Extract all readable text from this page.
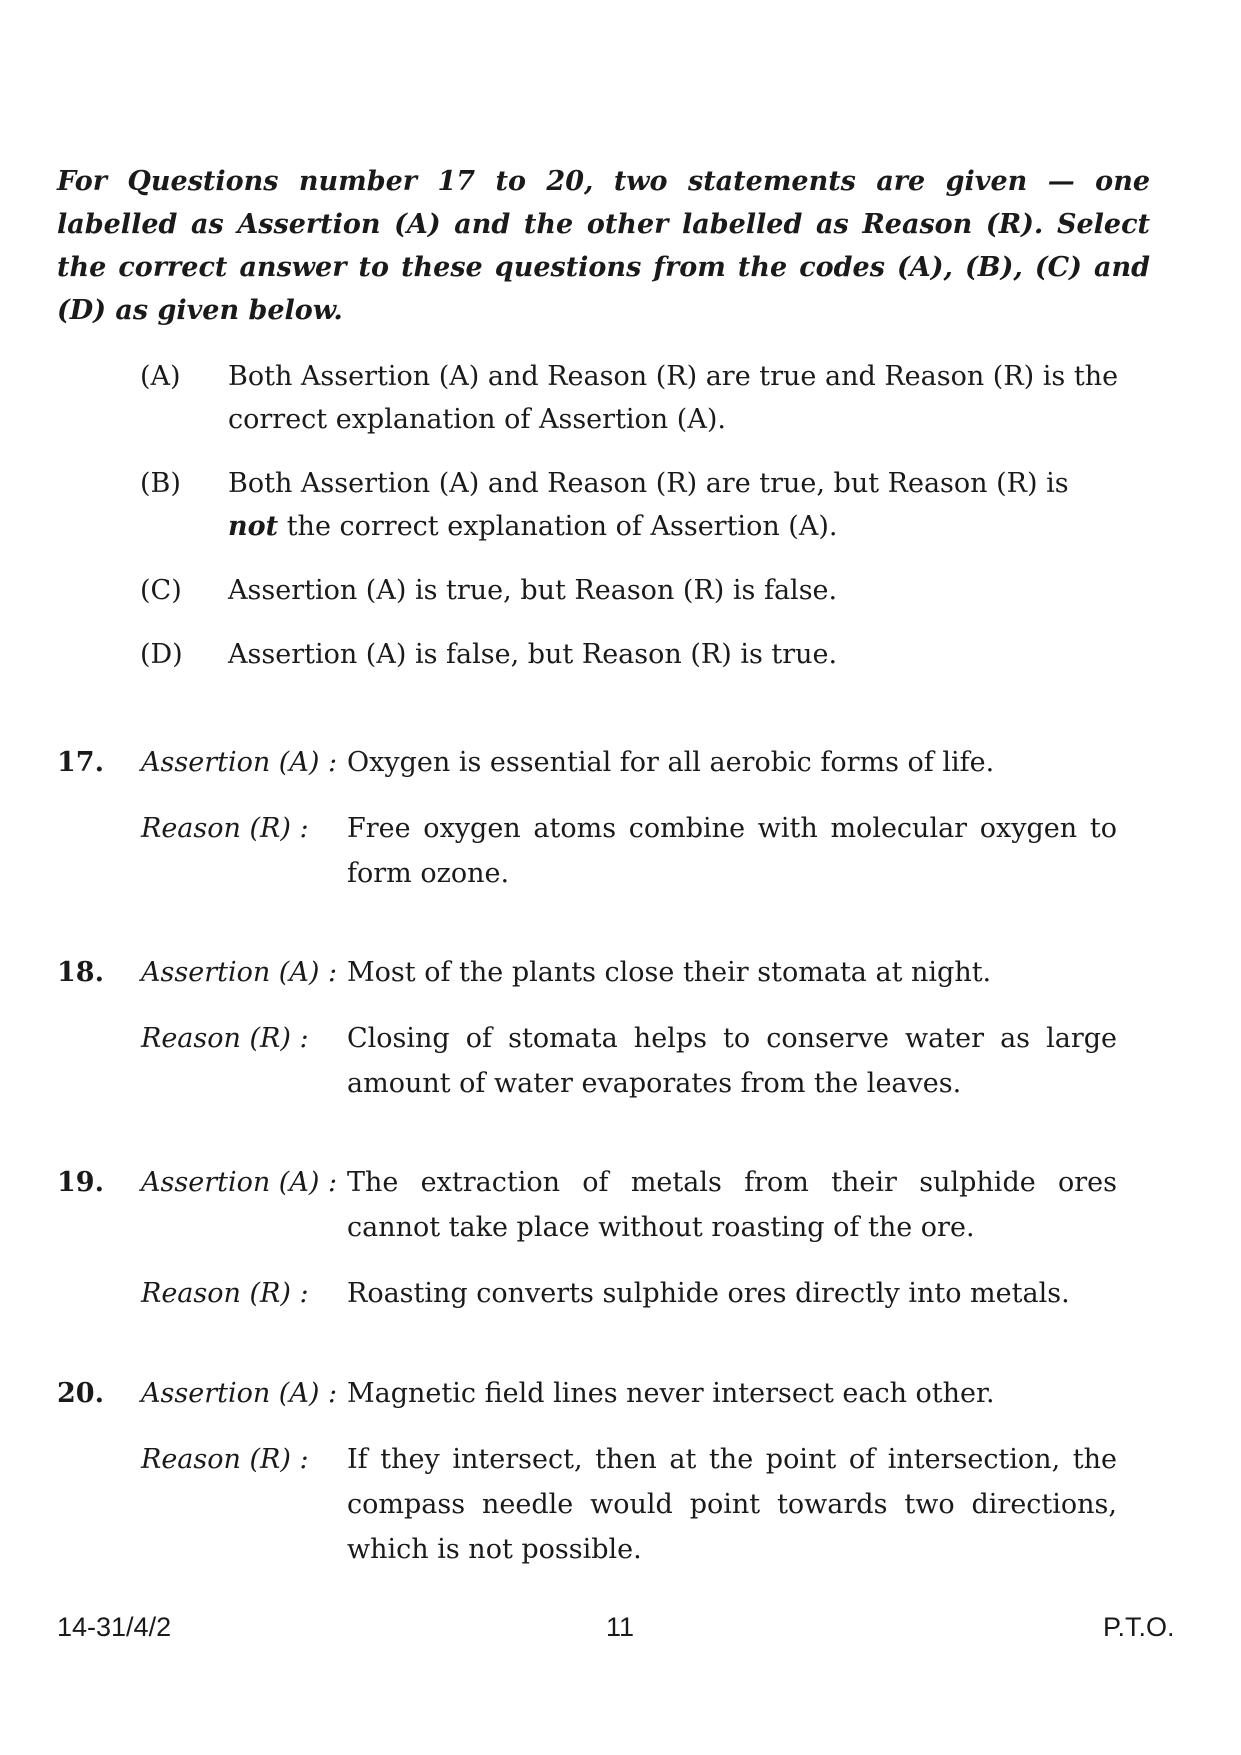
For Questions number 17 to 20, two statements are given — one labelled as Assertion (A) and the other labelled as Reason (R). Select the correct answer to these questions from the codes (A), (B), (C) and (D) as given below.
(A) Both Assertion (A) and Reason (R) are true and Reason (R) is the correct explanation of Assertion (A).
(B) Both Assertion (A) and Reason (R) are true, but Reason (R) is not the correct explanation of Assertion (A).
(C) Assertion (A) is true, but Reason (R) is false.
(D) Assertion (A) is false, but Reason (R) is true.
17. Assertion (A) : Oxygen is essential for all aerobic forms of life.
Reason (R) : Free oxygen atoms combine with molecular oxygen to form ozone.
18. Assertion (A) : Most of the plants close their stomata at night.
Reason (R) : Closing of stomata helps to conserve water as large amount of water evaporates from the leaves.
19. Assertion (A) : The extraction of metals from their sulphide ores cannot take place without roasting of the ore.
Reason (R) : Roasting converts sulphide ores directly into metals.
20. Assertion (A) : Magnetic field lines never intersect each other.
Reason (R) : If they intersect, then at the point of intersection, the compass needle would point towards two directions, which is not possible.
14-31/4/2	11	P.T.O.
